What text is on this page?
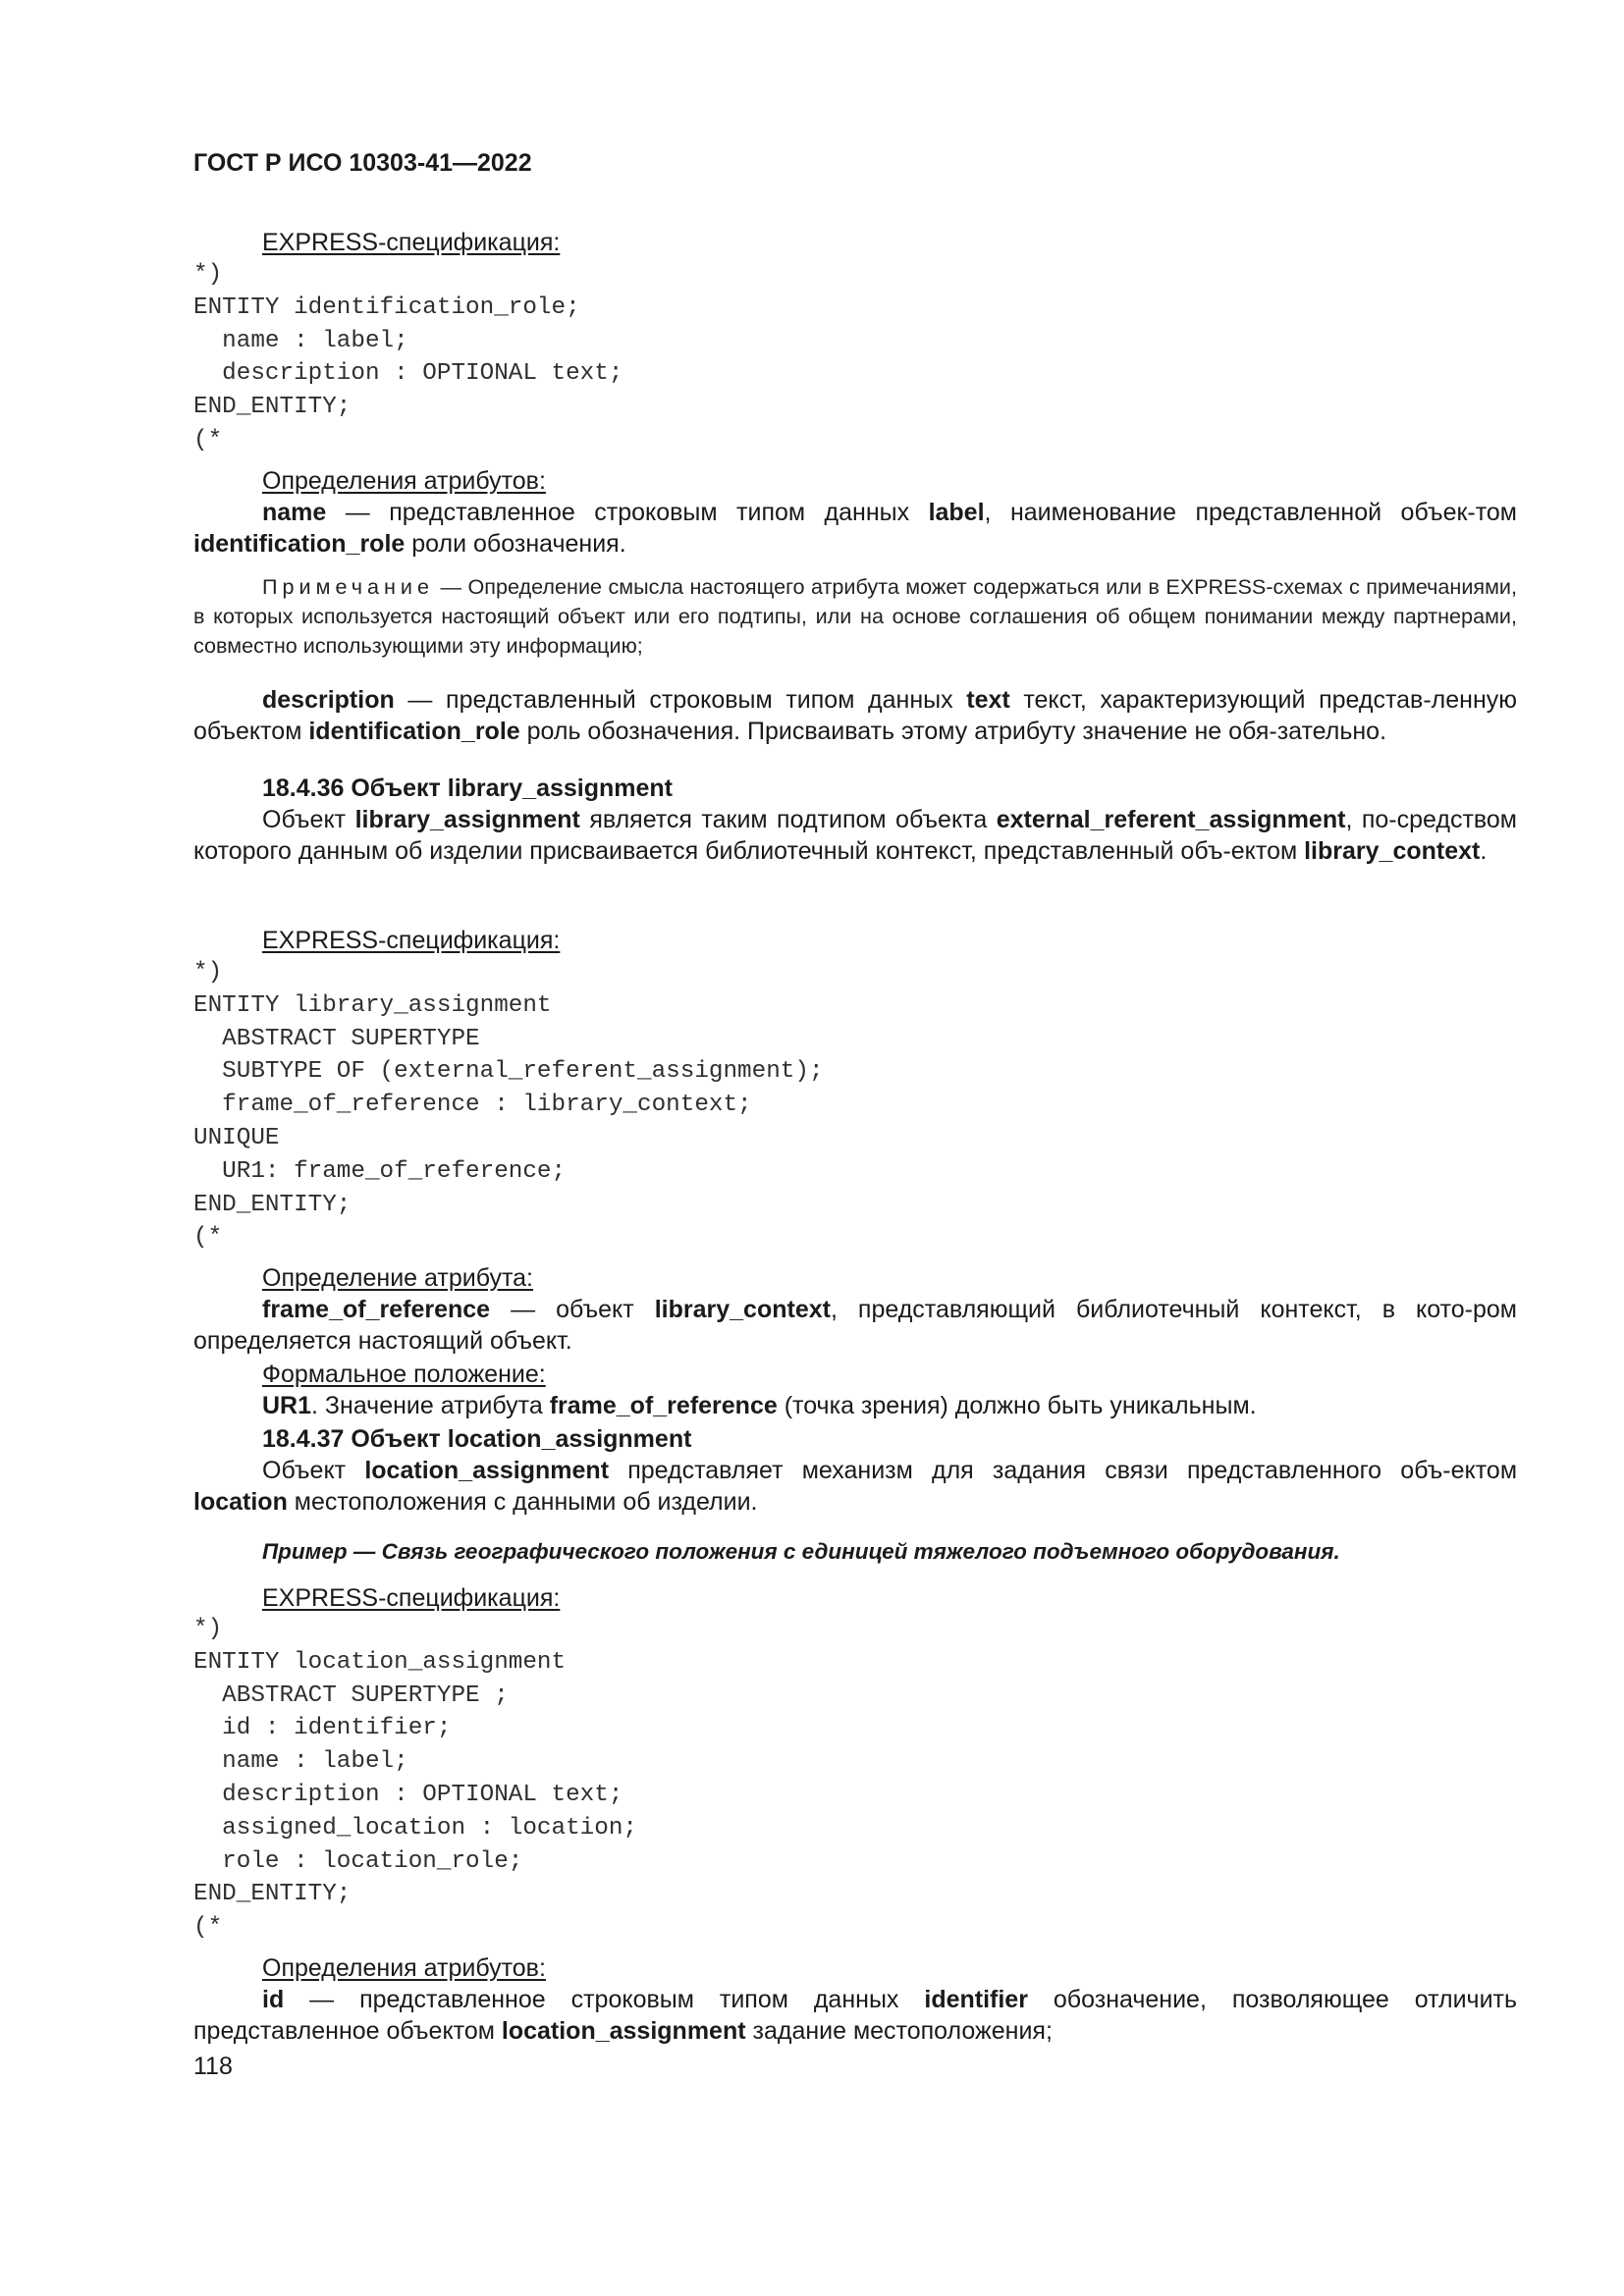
ГОСТ Р ИСО 10303-41—2022
EXPRESS-спецификация:
*)
ENTITY identification_role;
name : label;
description : OPTIONAL text;
END_ENTITY;
(*
Определения атрибутов:

name — представленное строковым типом данных label, наименование представленной объек-том identification_role роли обозначения.

Примечание — Определение смысла настоящего атрибута может содержаться или в EXPRESS-схемах с примечаниями, в которых используется настоящий объект или его подтипы, или на основе соглашения об общем понимании между партнерами, совместно использующими эту информацию;

description — представленный строковым типом данных text текст, характеризующий представ-ленную объектом identification_role роль обозначения. Присваивать этому атрибуту значение не обя-зательно.

18.4.36 Объект library_assignment

Объект library_assignment является таким подтипом объекта external_referent_assignment, по-средством которого данным об изделии присваивается библиотечный контекст, представленный объ-ектом library_context.

EXPRESS-спецификация:
*)
ENTITY library_assignment
ABSTRACT SUPERTYPE
SUBTYPE OF (external_referent_assignment);
frame_of_reference : library_context;
UNIQUE
UR1: frame_of_reference;
END_ENTITY;
(*
Определение атрибута:

frame_of_reference — объект library_context, представляющий библиотечный контекст, в кото-ром определяется настоящий объект.

Формальное положение:

UR1. Значение атрибута frame_of_reference (точка зрения) должно быть уникальным.

18.4.37 Объект location_assignment

Объект location_assignment представляет механизм для задания связи представленного объ-ектом location местоположения с данными об изделии.

Пример — Связь географического положения с единицей тяжелого подъемного оборудования.
EXPRESS-спецификация:
*)
ENTITY location_assignment
ABSTRACT SUPERTYPE ;
id : identifier;
name : label;
description : OPTIONAL text;
assigned_location : location;
role : location_role;
END_ENTITY;
(*
Определения атрибутов:

id — представленное строковым типом данных identifier обозначение, позволяющее отличить представленное объектом location_assignment задание местоположения;

118
